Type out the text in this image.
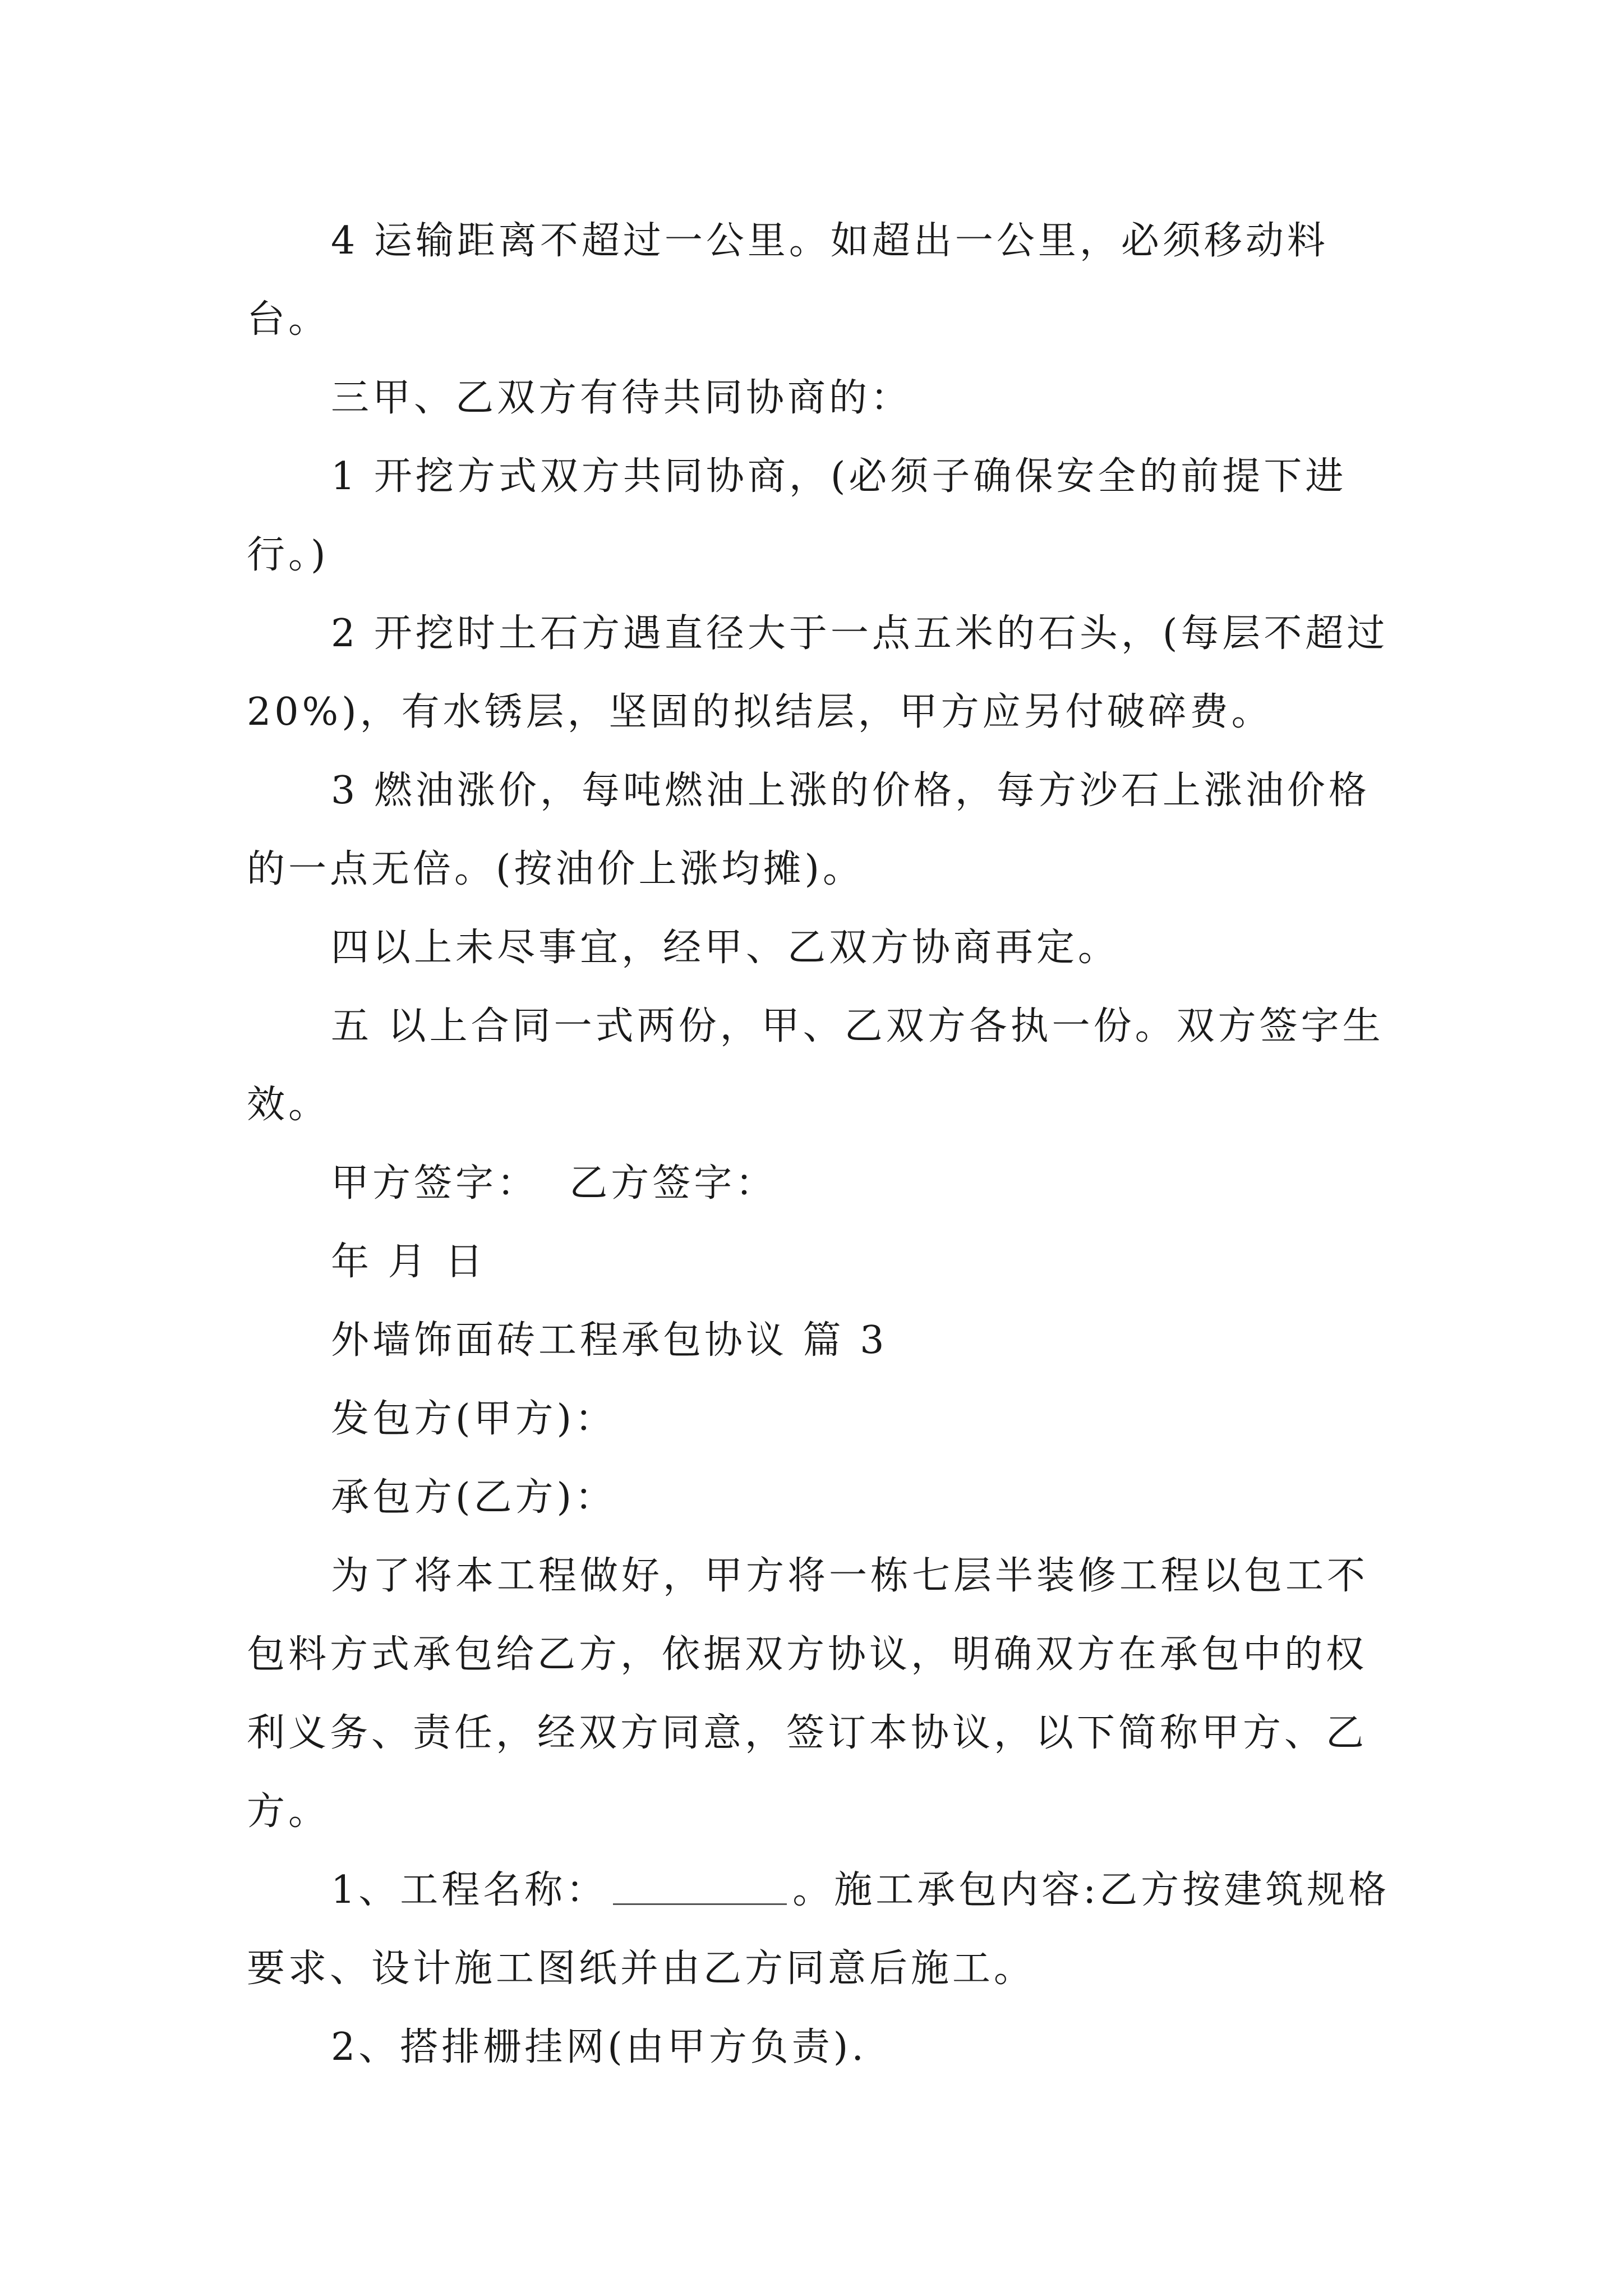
4 运输距离不超过一公里。如超出一公里，必须移动料台。

三甲、乙双方有待共同协商的：

1 开挖方式双方共同协商，(必须子确保安全的前提下进行。)

2 开挖时土石方遇直径大于一点五米的石头，(每层不超过 20%)，有水锈层，坚固的拟结层，甲方应另付破碎费。

3 燃油涨价，每吨燃油上涨的价格，每方沙石上涨油价格的一点无倍。(按油价上涨均摊)。

四以上未尽事宜，经甲、乙双方协商再定。

五 以上合同一式两份，甲、乙双方各执一份。双方签字生效。

甲方签字：  乙方签字：

年 月 日

外墙饰面砖工程承包协议 篇 3

发包方(甲方)：

承包方(乙方)：

为了将本工程做好，甲方将一栋七层半装修工程以包工不包料方式承包给乙方，依据双方协议，明确双方在承包中的权利义务、责任，经双方同意，签订本协议，以下简称甲方、乙方。

1、工程名称：	。施工承包内容:乙方按建筑规格要求、设计施工图纸并由乙方同意后施工。

2、搭排栅挂网(由甲方负责).
